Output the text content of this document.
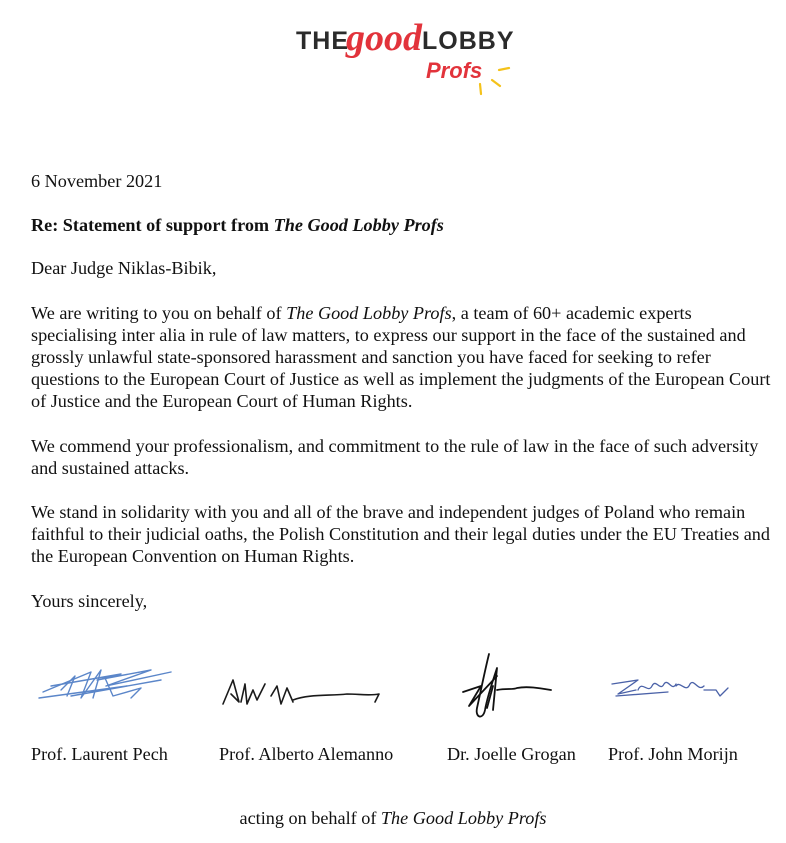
THE
good LOBBY
Profs

6 November 2021

Re: Statement of support from The Good Lobby Profs

Dear Judge Niklas-Bibik,

We are writing to you on behalf of The Good Lobby Profs, a team of 60+ academic experts specialising inter alia in rule of law matters, to express our support in the face of the sustained and grossly unlawful state-sponsored harassment and sanction you have faced for seeking to refer questions to the European Court of Justice as well as implement the judgments of the European Court of Justice and the European Court of Human Rights.

We commend your professionalism, and commitment to the rule of law in the face of such adversity and sustained attacks.

We stand in solidarity with you and all of the brave and independent judges of Poland who remain faithful to their judicial oaths, the Polish Constitution and their legal duties under the EU Treaties and the European Convention on Human Rights.

Yours sincerely,

Prof. Laurent Pech	Prof. Alberto Alemanno	Dr. Joelle Grogan Prof. John Morijn
acting on behalf of The Good Lobby Profs
